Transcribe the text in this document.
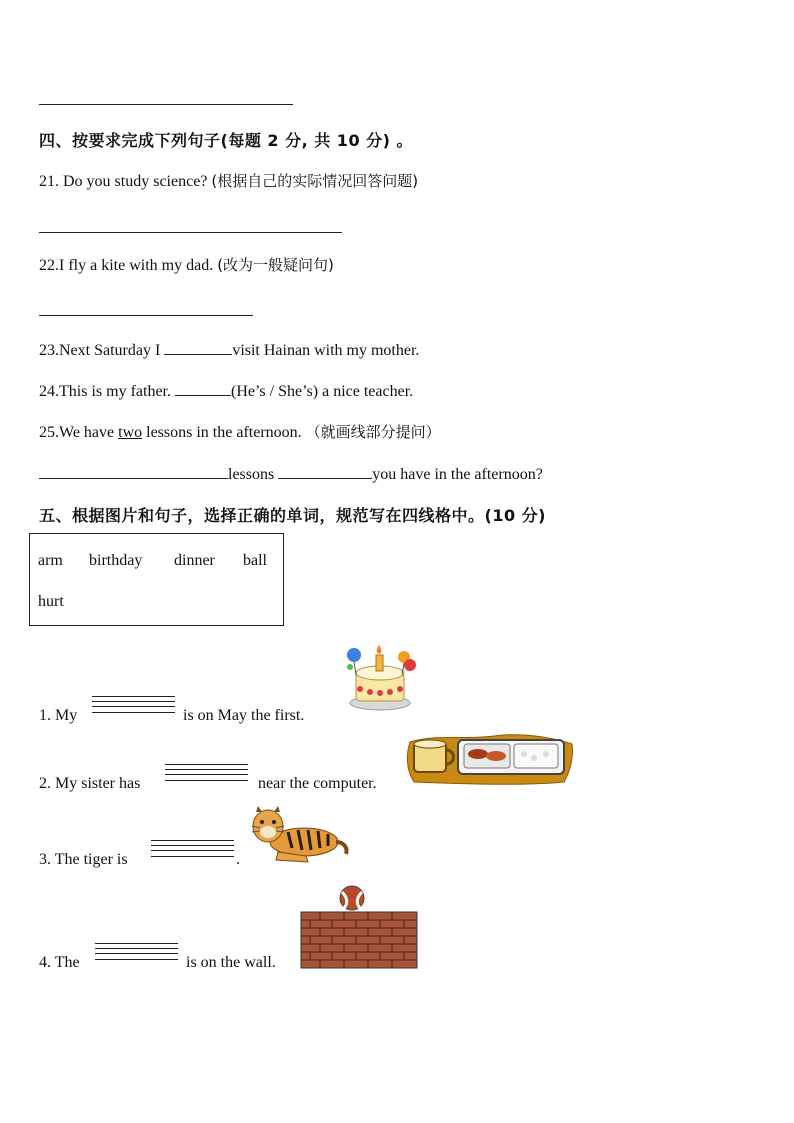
四、按要求完成下列句子(每题 2 分, 共 10 分) 。
21. Do you study science? (根据自己的实际情况回答问题)
22.I fly a kite with my dad. (改为一般疑问句)
23.Next Saturday I	visit Hainan with my mother.
24.This is my father.	(He’s / She’s) a nice teacher.
25.We have two lessons in the afternoon. （就画线部分提问）
lessons	you have in the afternoon?
五、根据图片和句子，选择正确的单词，规范写在四线格中。(10 分)
arm birthday dinner ball
hurt
1. My	is on May the first.
2. My sister has	near the computer.
3. The tiger is	.
4. The	is on the wall.
